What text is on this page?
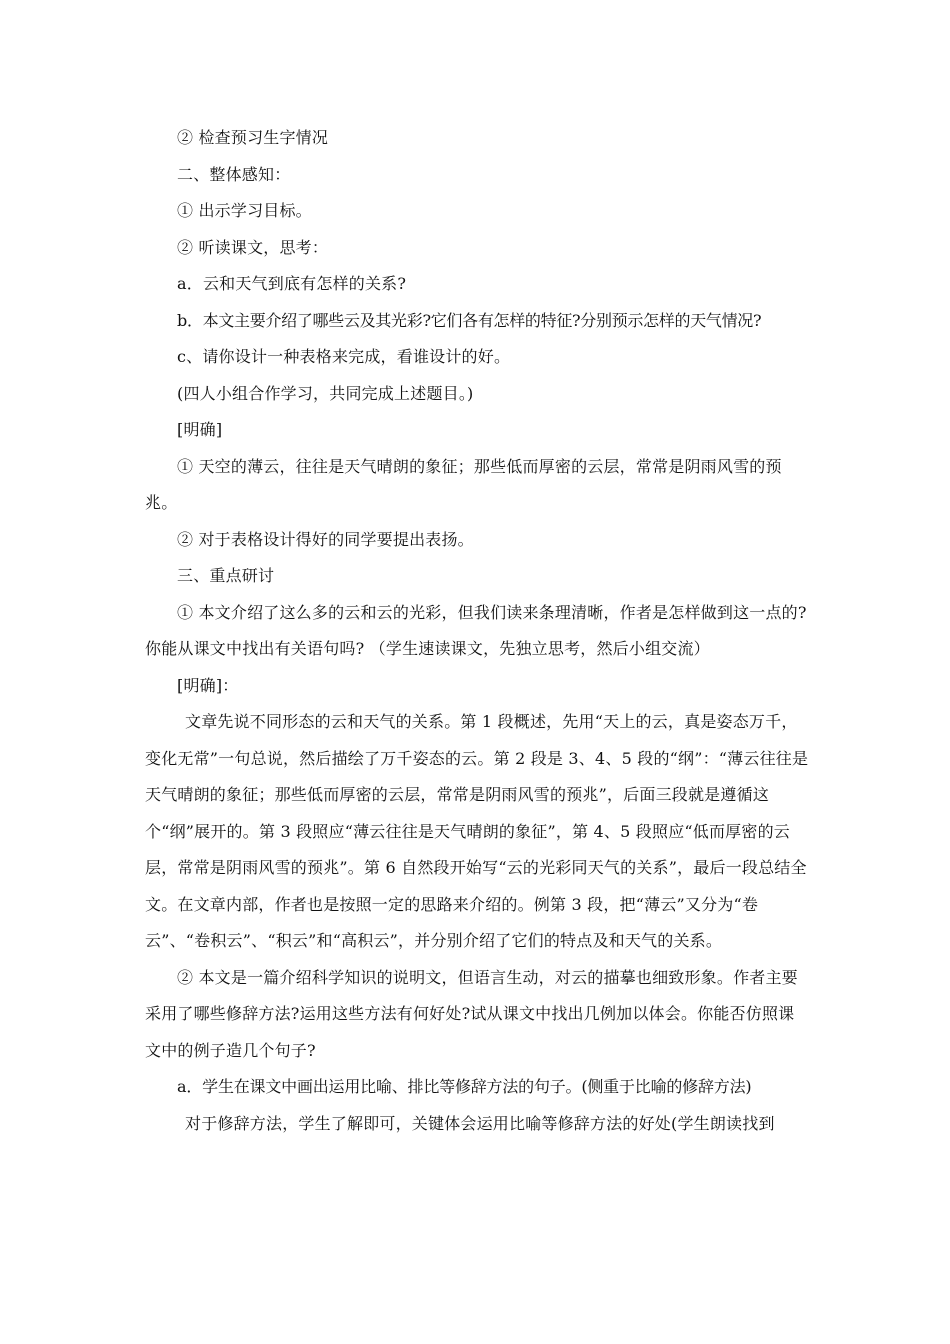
② 检查预习生字情况

二、整体感知：

① 出示学习目标。

② 听读课文，思考：

a．云和天气到底有怎样的关系?

b．本文主要介绍了哪些云及其光彩?它们各有怎样的特征?分别预示怎样的天气情况?

c、请你设计一种表格来完成，看谁设计的好。

(四人小组合作学习，共同完成上述题目。)

[明确]

① 天空的薄云，往往是天气晴朗的象征；那些低而厚密的云层，常常是阴雨风雪的预兆。

② 对于表格设计得好的同学要提出表扬。

三、重点研讨

① 本文介绍了这么多的云和云的光彩，但我们读来条理清晰，作者是怎样做到这一点的? 你能从课文中找出有关语句吗? （学生速读课文，先独立思考，然后小组交流）

[明确]：

文章先说不同形态的云和天气的关系。第 1 段概述，先用“天上的云，真是姿态万千，变化无常”一句总说，然后描绘了万千姿态的云。第 2 段是 3、4、5 段的“纲”：“薄云往往是天气晴朗的象征；那些低而厚密的云层，常常是阴雨风雪的预兆”，后面三段就是遵循这个“纲”展开的。第 3 段照应“薄云往往是天气晴朗的象征”，第 4、5 段照应“低而厚密的云层，常常是阴雨风雪的预兆”。第 6 自然段开始写“云的光彩同天气的关系”，最后一段总结全文。在文章内部，作者也是按照一定的思路来介绍的。例第 3 段，把“薄云”又分为“卷云”、“卷积云”、“积云”和“高积云”，并分别介绍了它们的特点及和天气的关系。

② 本文是一篇介绍科学知识的说明文，但语言生动，对云的描摹也细致形象。作者主要采用了哪些修辞方法?运用这些方法有何好处?试从课文中找出几例加以体会。你能否仿照课文中的例子造几个句子?

a．学生在课文中画出运用比喻、排比等修辞方法的句子。(侧重于比喻的修辞方法)

对于修辞方法，学生了解即可，关键体会运用比喻等修辞方法的好处(学生朗读找到
